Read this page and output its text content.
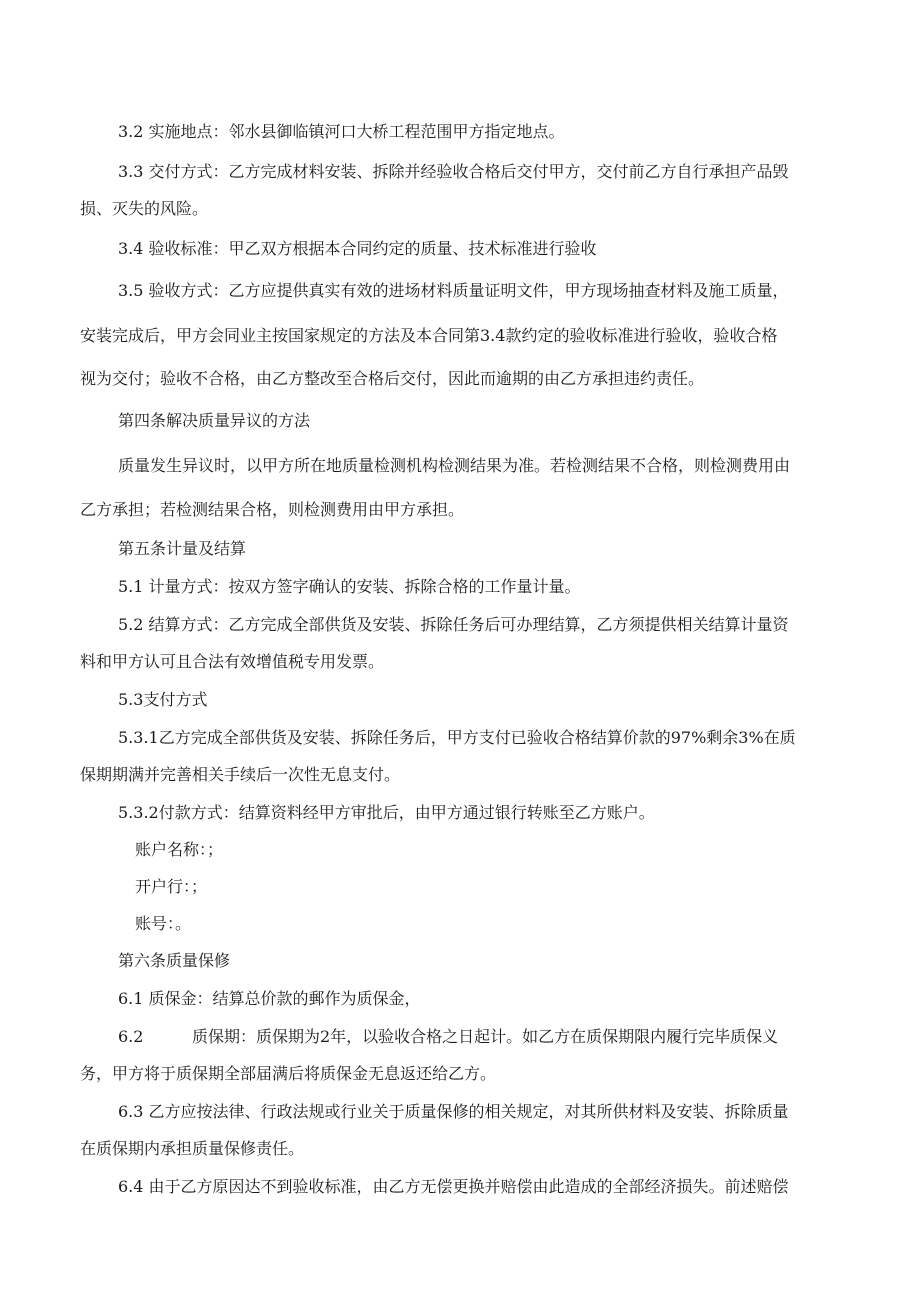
3.2 实施地点：邻水县御临镇河口大桥工程范围甲方指定地点。
3.3 交付方式：乙方完成材料安装、拆除并经验收合格后交付甲方，交付前乙方自行承担产品毁
损、灭失的风险。
3.4 验收标准：甲乙双方根据本合同约定的质量、技术标准进行验收
3.5 验收方式：乙方应提供真实有效的进场材料质量证明文件，甲方现场抽查材料及施工质量，
安装完成后，甲方会同业主按国家规定的方法及本合同第3.4款约定的验收标准进行验收，验收合格
视为交付；验收不合格，由乙方整改至合格后交付，因此而逾期的由乙方承担违约责任。
第四条解决质量异议的方法
质量发生异议时，以甲方所在地质量检测机构检测结果为准。若检测结果不合格，则检测费用由
乙方承担；若检测结果合格，则检测费用由甲方承担。
第五条计量及结算
5.1 计量方式：按双方签字确认的安装、拆除合格的工作量计量。
5.2 结算方式：乙方完成全部供货及安装、拆除任务后可办理结算，乙方须提供相关结算计量资
料和甲方认可且合法有效增值税专用发票。
5.3支付方式
5.3.1乙方完成全部供货及安装、拆除任务后，甲方支付已验收合格结算价款的97%剩余3%在质
保期期满并完善相关手续后一次性无息支付。
5.3.2付款方式：结算资料经甲方审批后，由甲方通过银行转账至乙方账户。
账户名称：；
开户行：；
账号：。
第六条质量保修
6.1 质保金：结算总价款的郵作为质保金，
6.2	质保期：质保期为2年，以验收合格之日起计。如乙方在质保期限内履行完毕质保义
务，甲方将于质保期全部届满后将质保金无息返还给乙方。
6.3 乙方应按法律、行政法规或行业关于质量保修的相关规定，对其所供材料及安装、拆除质量
在质保期内承担质量保修责任。
6.4 由于乙方原因达不到验收标准，由乙方无偿更换并赔偿由此造成的全部经济损失。前述赔偿
